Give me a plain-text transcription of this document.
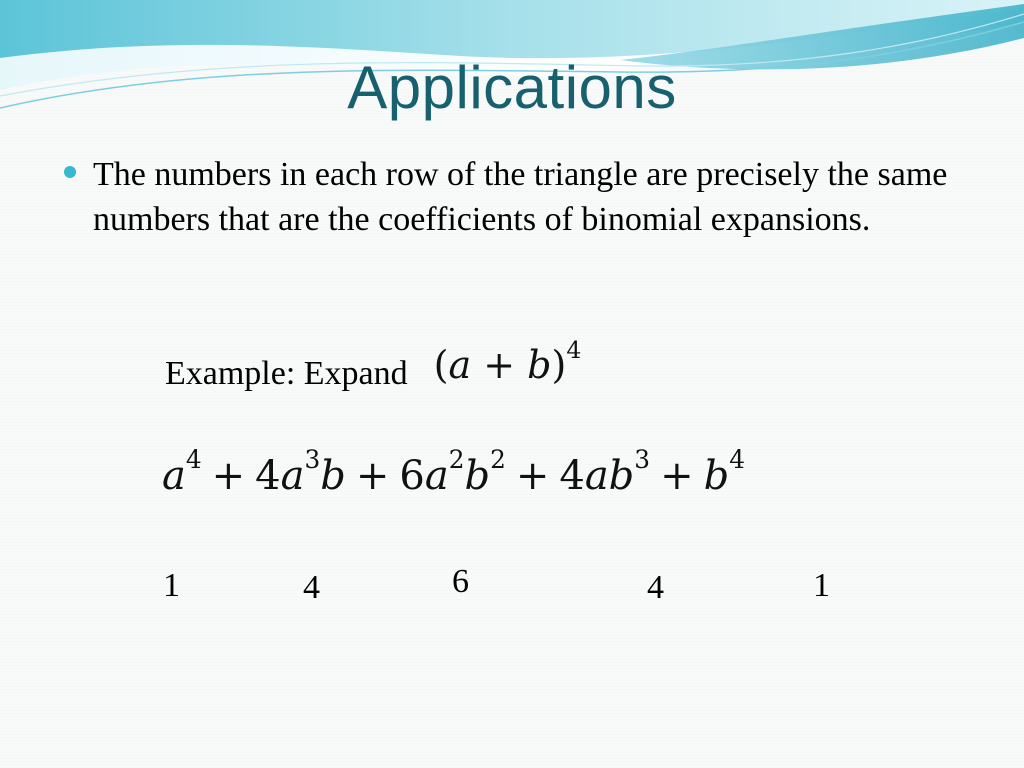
Applications
The numbers in each row of the triangle are precisely the same numbers that are the coefficients of binomial expansions.
Example: Expand $(a + b)^4$
$a^4 + 4a^3b + 6a^2b^2 + 4ab^3 + b^4$
1	4	6	4	1
